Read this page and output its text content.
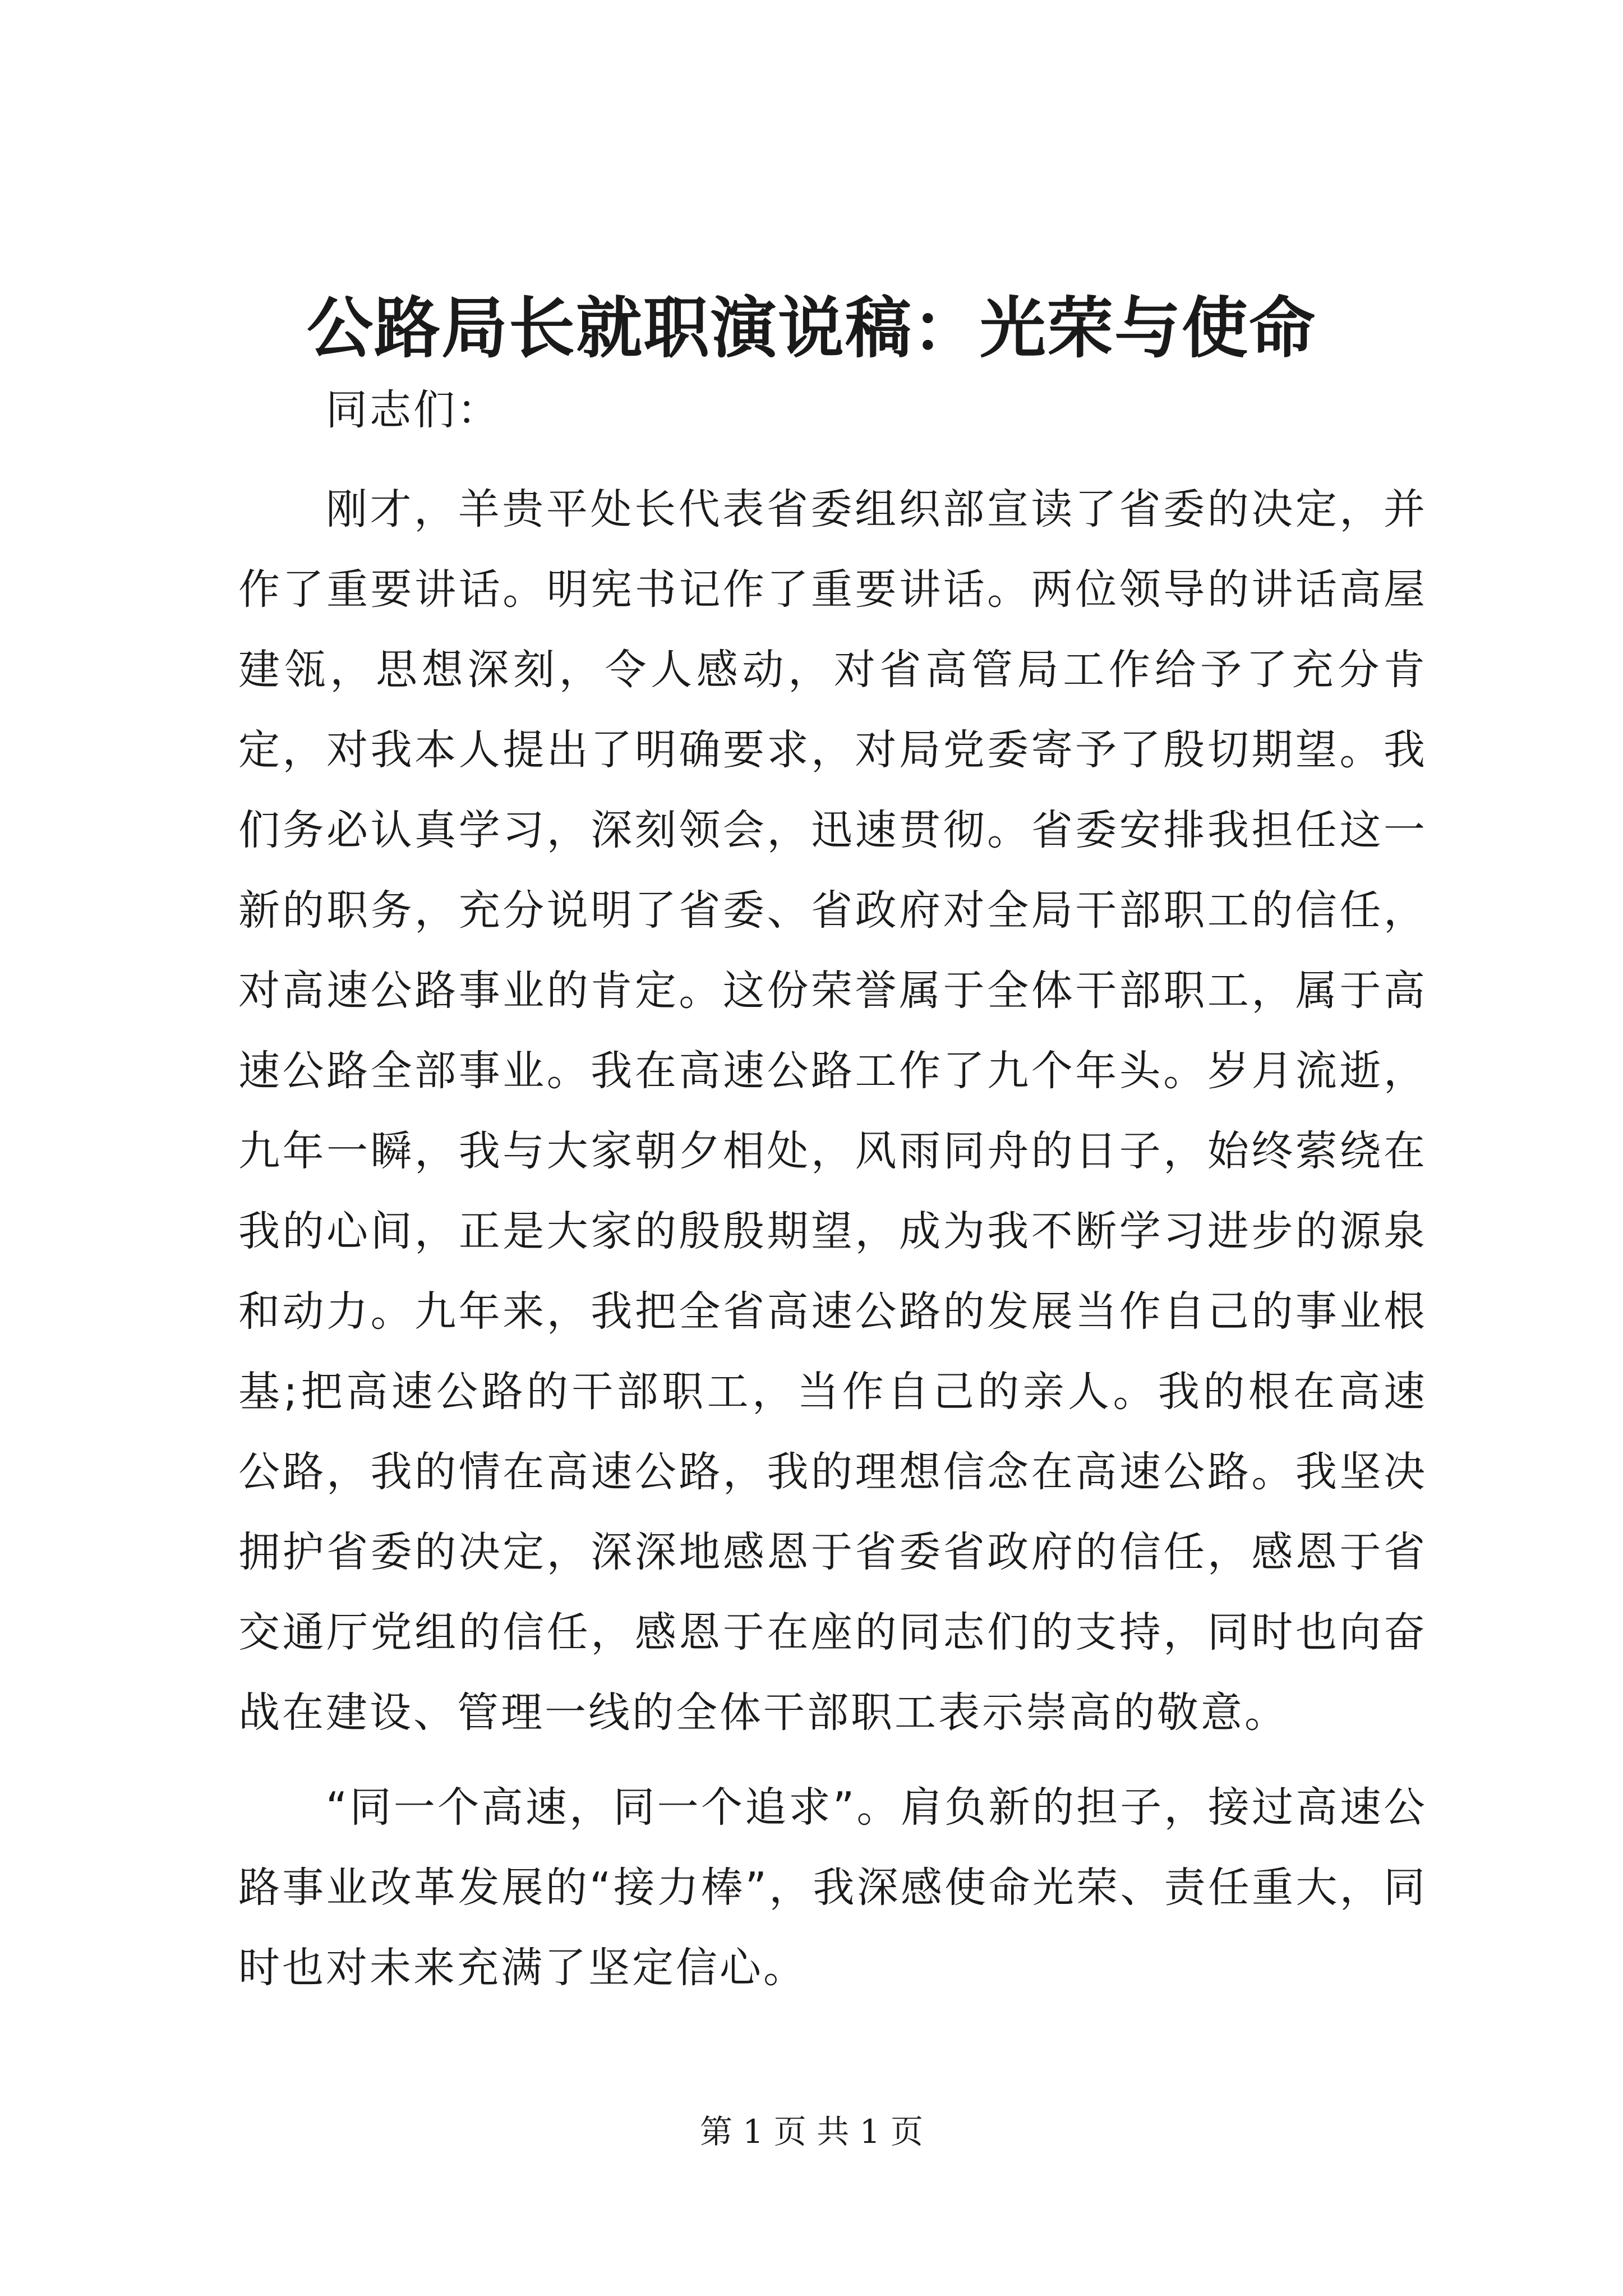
公路局长就职演说稿：光荣与使命

同志们：

刚才，羊贵平处长代表省委组织部宣读了省委的决定，并作了重要讲话。明宪书记作了重要讲话。两位领导的讲话高屋建瓴，思想深刻，令人感动，对省高管局工作给予了充分肯定，对我本人提出了明确要求，对局党委寄予了殷切期望。我们务必认真学习，深刻领会，迅速贯彻。省委安排我担任这一新的职务，充分说明了省委、省政府对全局干部职工的信任，对高速公路事业的肯定。这份荣誉属于全体干部职工，属于高速公路全部事业。我在高速公路工作了九个年头。岁月流逝，九年一瞬，我与大家朝夕相处，风雨同舟的日子，始终萦绕在我的心间，正是大家的殷殷期望，成为我不断学习进步的源泉和动力。九年来，我把全省高速公路的发展当作自己的事业根基;把高速公路的干部职工，当作自己的亲人。我的根在高速公路，我的情在高速公路，我的理想信念在高速公路。我坚决拥护省委的决定，深深地感恩于省委省政府的信任，感恩于省交通厅党组的信任，感恩于在座的同志们的支持，同时也向奋战在建设、管理一线的全体干部职工表示崇高的敬意。

“同一个高速，同一个追求”。肩负新的担子，接过高速公路事业改革发展的“接力棒”，我深感使命光荣、责任重大，同时也对未来充满了坚定信心。

第 1 页 共 1 页
